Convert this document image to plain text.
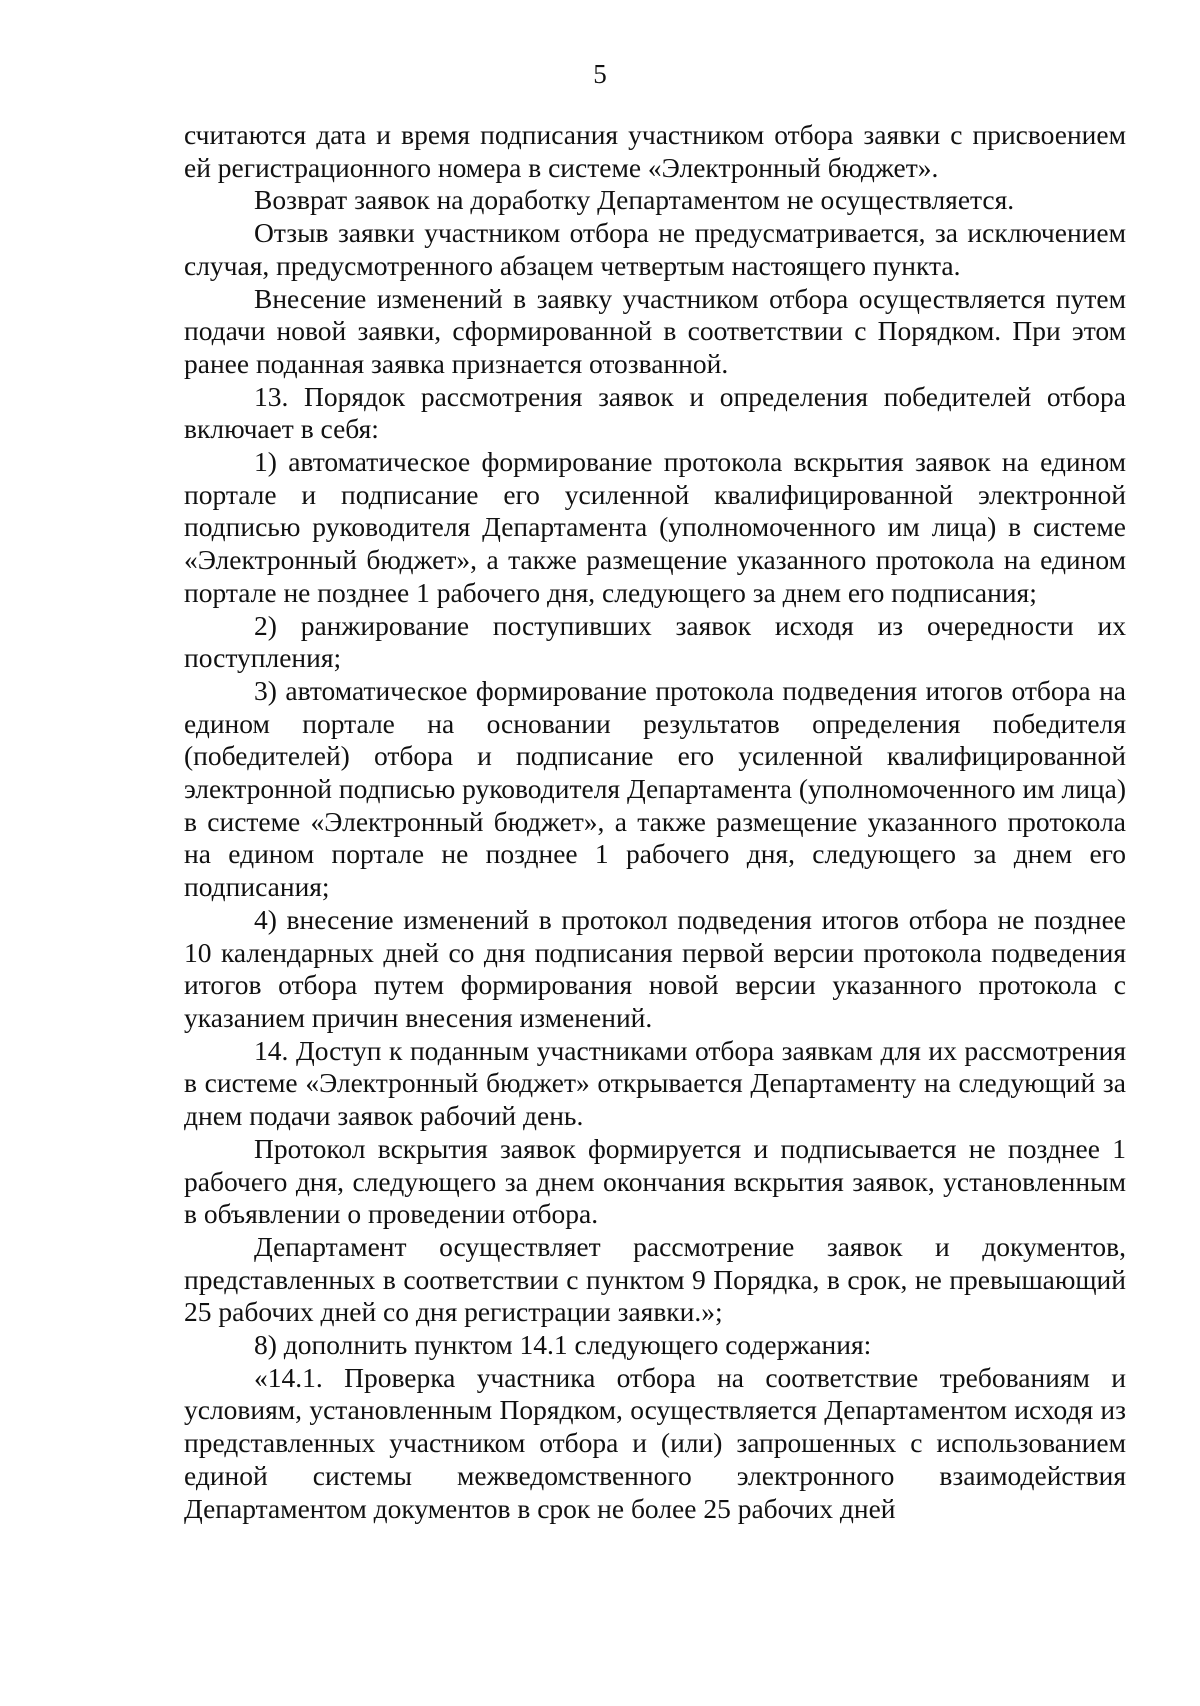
5

считаются дата и время подписания участником отбора заявки с присвоением ей регистрационного номера в системе «Электронный бюджет».

Возврат заявок на доработку Департаментом не осуществляется.

Отзыв заявки участником отбора не предусматривается, за исключением случая, предусмотренного абзацем четвертым настоящего пункта.

Внесение изменений в заявку участником отбора осуществляется путем подачи новой заявки, сформированной в соответствии с Порядком. При этом ранее поданная заявка признается отозванной.

13. Порядок рассмотрения заявок и определения победителей отбора включает в себя:

1) автоматическое формирование протокола вскрытия заявок на едином портале и подписание его усиленной квалифицированной электронной подписью руководителя Департамента (уполномоченного им лица) в системе «Электронный бюджет», а также размещение указанного протокола на едином портале не позднее 1 рабочего дня, следующего за днем его подписания;

2) ранжирование поступивших заявок исходя из очередности их поступления;

3) автоматическое формирование протокола подведения итогов отбора на едином портале на основании результатов определения победителя (победителей) отбора и подписание его усиленной квалифицированной электронной подписью руководителя Департамента (уполномоченного им лица) в системе «Электронный бюджет», а также размещение указанного протокола на едином портале не позднее 1 рабочего дня, следующего за днем его подписания;

4) внесение изменений в протокол подведения итогов отбора не позднее 10 календарных дней со дня подписания первой версии протокола подведения итогов отбора путем формирования новой версии указанного протокола с указанием причин внесения изменений.

14. Доступ к поданным участниками отбора заявкам для их рассмотрения в системе «Электронный бюджет» открывается Департаменту на следующий за днем подачи заявок рабочий день.

Протокол вскрытия заявок формируется и подписывается не позднее 1 рабочего дня, следующего за днем окончания вскрытия заявок, установленным в объявлении о проведении отбора.

Департамент осуществляет рассмотрение заявок и документов, представленных в соответствии с пунктом 9 Порядка, в срок, не превышающий 25 рабочих дней со дня регистрации заявки.»;

8) дополнить пунктом 14.1 следующего содержания:

«14.1. Проверка участника отбора на соответствие требованиям и условиям, установленным Порядком, осуществляется Департаментом исходя из представленных участником отбора и (или) запрошенных с использованием единой системы межведомственного электронного взаимодействия Департаментом документов в срок не более 25 рабочих дней
